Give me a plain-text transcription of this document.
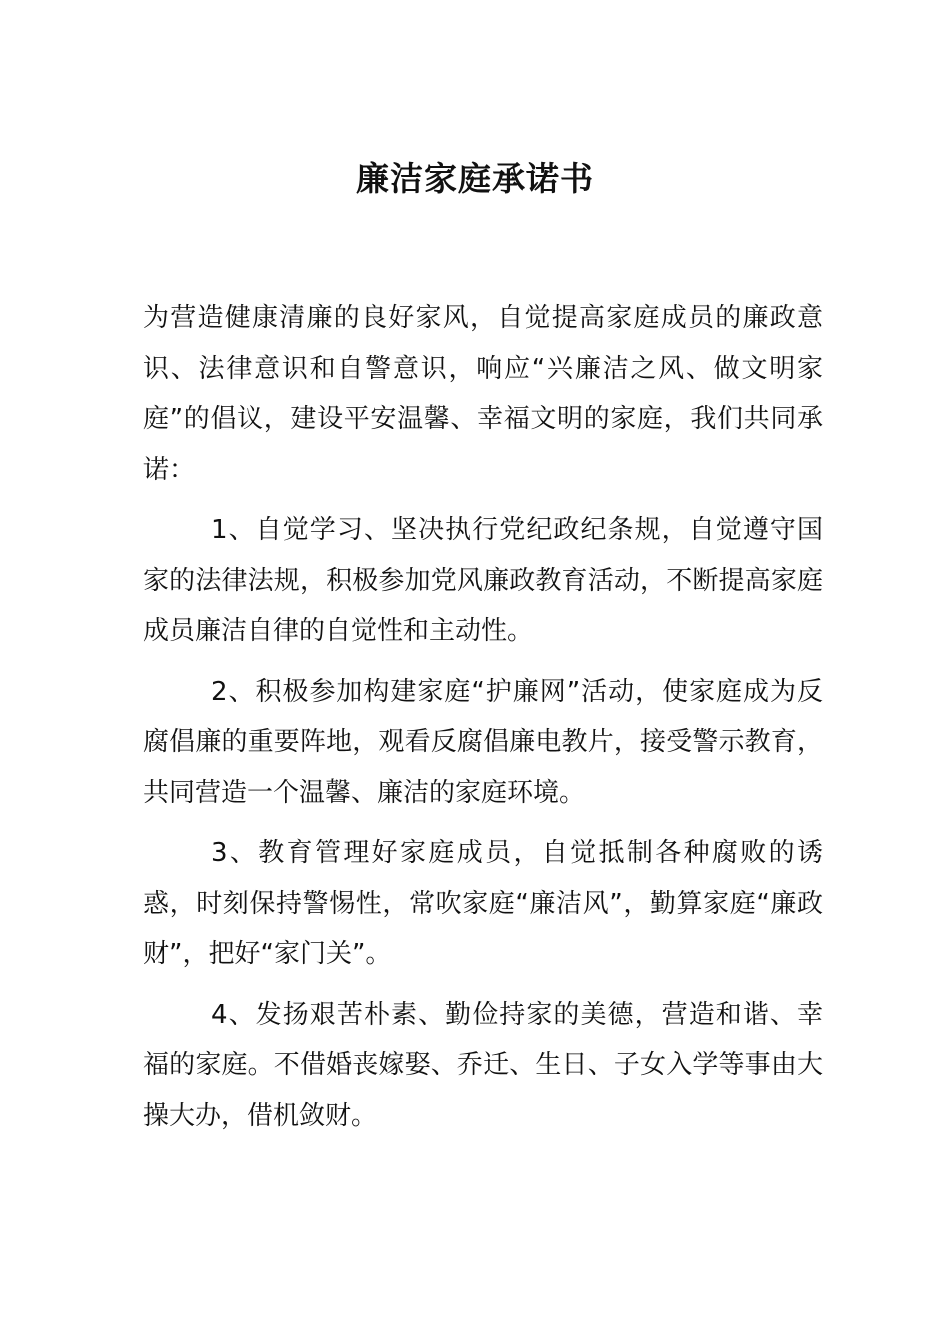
廉洁家庭承诺书

为营造健康清廉的良好家风，自觉提高家庭成员的廉政意识、法律意识和自警意识，响应“兴廉洁之风、做文明家庭”的倡议，建设平安温馨、幸福文明的家庭，我们共同承诺：

1、自觉学习、坚决执行党纪政纪条规，自觉遵守国家的法律法规，积极参加党风廉政教育活动，不断提高家庭成员廉洁自律的自觉性和主动性。

2、积极参加构建家庭“护廉网”活动，使家庭成为反腐倡廉的重要阵地，观看反腐倡廉电教片，接受警示教育，共同营造一个温馨、廉洁的家庭环境。

3、教育管理好家庭成员，自觉抵制各种腐败的诱惑，时刻保持警惕性，常吹家庭“廉洁风”，勤算家庭“廉政财”，把好“家门关”。

4、发扬艰苦朴素、勤俭持家的美德，营造和谐、幸福的家庭。不借婚丧嫁娶、乔迁、生日、子女入学等事由大操大办，借机敛财。
